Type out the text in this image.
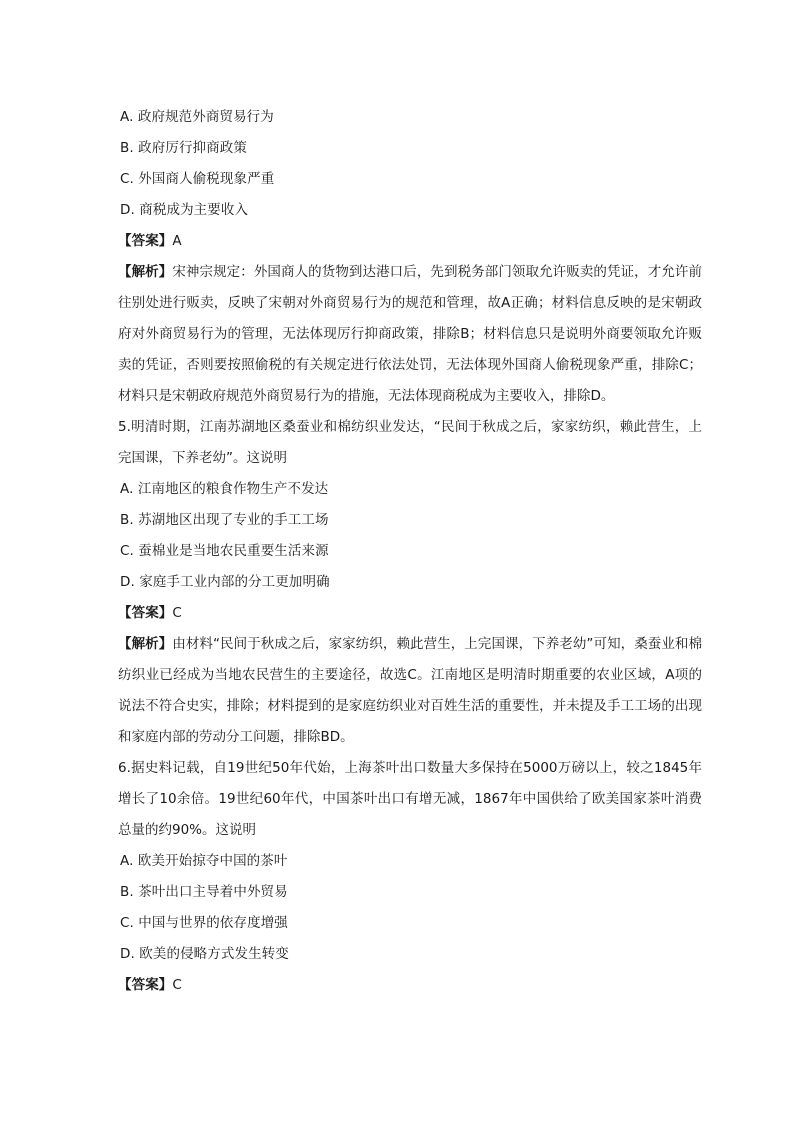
A. 政府规范外商贸易行为
B. 政府厉行抑商政策
C. 外国商人偷税现象严重
D. 商税成为主要收入
【答案】A
【解析】宋神宗规定：外国商人的货物到达港口后，先到税务部门领取允许贩卖的凭证，才允许前往别处进行贩卖，反映了宋朝对外商贸易行为的规范和管理，故A正确；材料信息反映的是宋朝政府对外商贸易行为的管理，无法体现厉行抑商政策，排除B；材料信息只是说明外商要领取允许贩卖的凭证，否则要按照偷税的有关规定进行依法处罚，无法体现外国商人偷税现象严重，排除C；材料只是宋朝政府规范外商贸易行为的措施，无法体现商税成为主要收入，排除D。
5.明清时期，江南苏湖地区桑蚕业和棉纺织业发达，“民间于秋成之后，家家纺织，赖此营生，上完国课，下养老幼”。这说明
A. 江南地区的粮食作物生产不发达
B. 苏湖地区出现了专业的手工工场
C. 蚕棉业是当地农民重要生活来源
D. 家庭手工业内部的分工更加明确
【答案】C
【解析】由材料“民间于秋成之后，家家纺织，赖此营生，上完国课，下养老幼”可知，桑蚕业和棉纺织业已经成为当地农民营生的主要途径，故选C。江南地区是明清时期重要的农业区域，A项的说法不符合史实，排除；材料提到的是家庭纺织业对百姓生活的重要性，并未提及手工工场的出现和家庭内部的劳动分工问题，排除BD。
6.据史料记载，自19世纪50年代始，上海茶叶出口数量大多保持在5000万磅以上，较之1845年增长了10余倍。19世纪60年代，中国茶叶出口有增无减，1867年中国供给了欧美国家茶叶消费总量的约90%。这说明
A. 欧美开始掠夺中国的茶叶
B. 茶叶出口主导着中外贸易
C. 中国与世界的依存度增强
D. 欧美的侵略方式发生转变
【答案】C
